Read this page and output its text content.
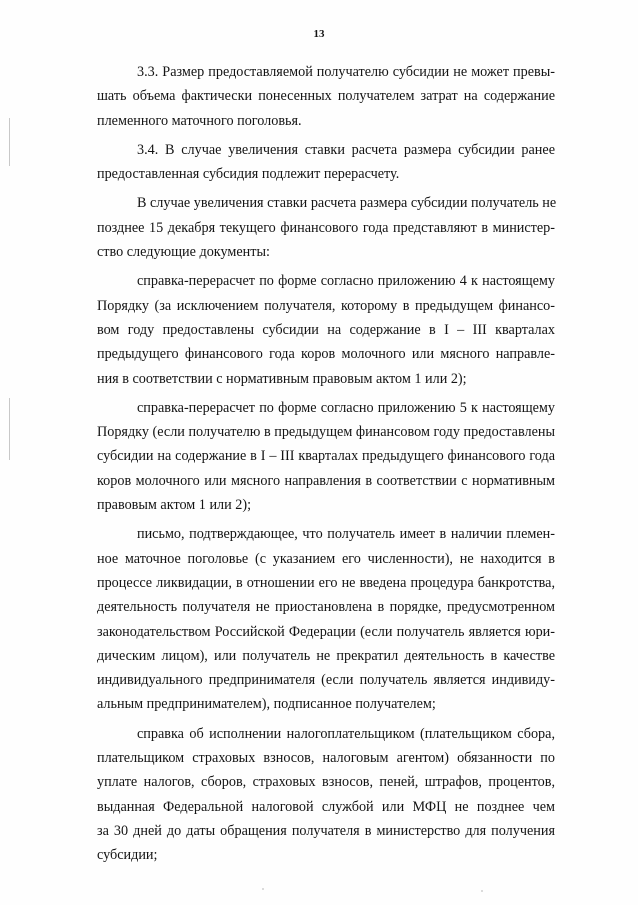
13
3.3. Размер предоставляемой получателю субсидии не может превы-
шать объема фактически понесенных получателем затрат на содержание
племенного маточного поголовья.
3.4. В случае увеличения ставки расчета размера субсидии ранее
предоставленная субсидия подлежит перерасчету.
В случае увеличения ставки расчета размера субсидии получатель не
позднее 15 декабря текущего финансового года представляют в министер-
ство следующие документы:
справка-перерасчет по форме согласно приложению 4 к настоящему
Порядку (за исключением получателя, которому в предыдущем финансо-
вом году предоставлены субсидии на содержание в I – III кварталах
предыдущего финансового года коров молочного или мясного направле-
ния в соответствии с нормативным правовым актом 1 или 2);
справка-перерасчет по форме согласно приложению 5 к настоящему
Порядку (если получателю в предыдущем финансовом году предоставлены
субсидии на содержание в I – III кварталах предыдущего финансового года
коров молочного или мясного направления в соответствии с нормативным
правовым актом 1 или 2);
письмо, подтверждающее, что получатель имеет в наличии племен-
ное маточное поголовье (с указанием его численности), не находится в
процессе ликвидации, в отношении его не введена процедура банкротства,
деятельность получателя не приостановлена в порядке, предусмотренном
законодательством Российской Федерации (если получатель является юри-
дическим лицом), или получатель не прекратил деятельность в качестве
индивидуального предпринимателя (если получатель является индивиду-
альным предпринимателем), подписанное получателем;
справка об исполнении налогоплательщиком (плательщиком сбора,
плательщиком страховых взносов, налоговым агентом) обязанности по
уплате налогов, сборов, страховых взносов, пеней, штрафов, процентов,
выданная Федеральной налоговой службой или МФЦ не позднее чем
за 30 дней до даты обращения получателя в министерство для получения
субсидии;
